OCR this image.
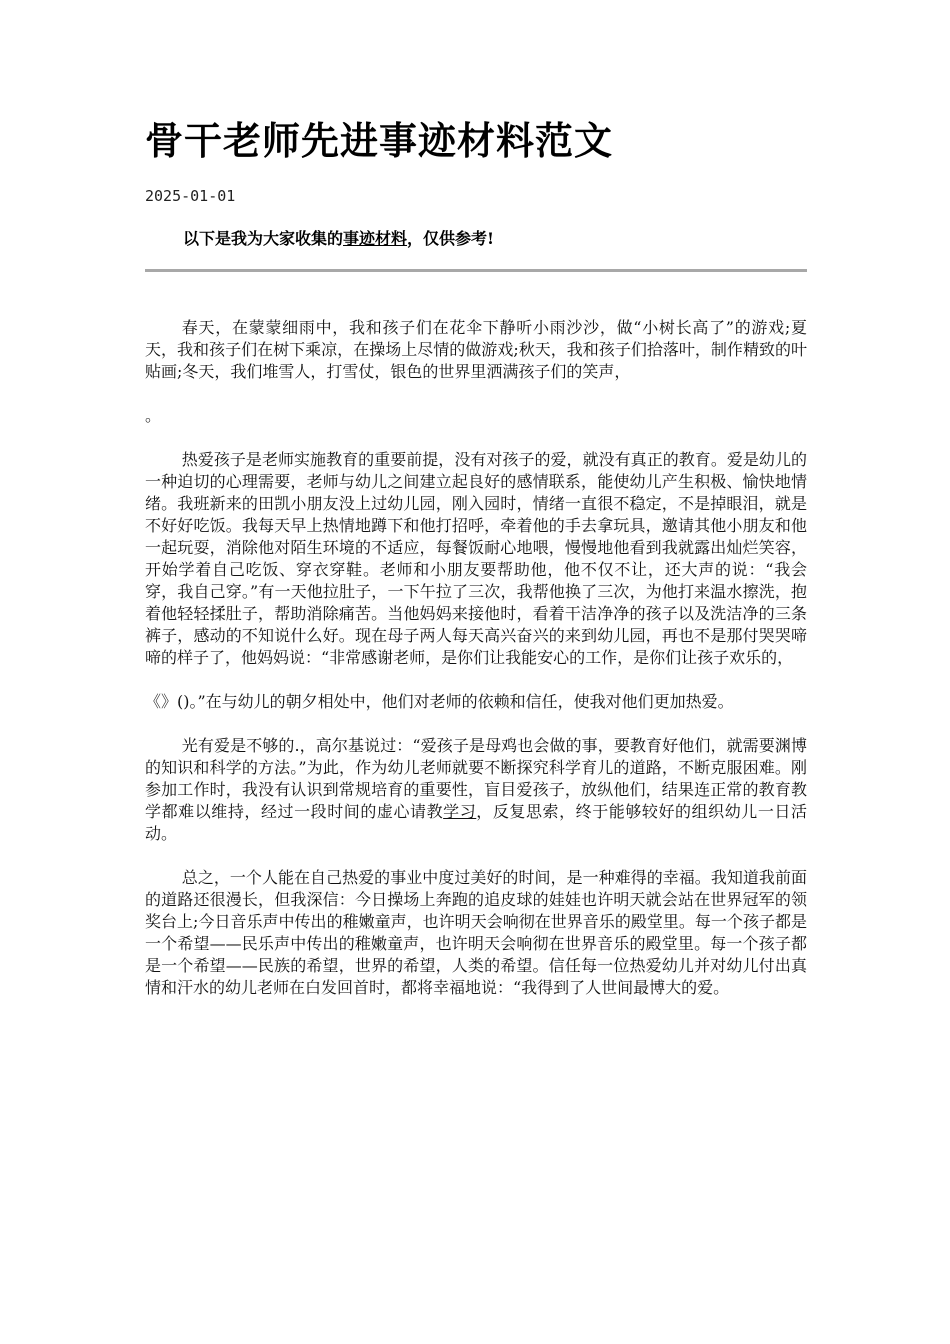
骨干老师先进事迹材料范文
2025-01-01
以下是我为大家收集的事迹材料，仅供参考!

春天，在蒙蒙细雨中，我和孩子们在花伞下静听小雨沙沙，做“小树长高了”的游戏;夏天，我和孩子们在树下乘凉，在操场上尽情的做游戏;秋天，我和孩子们拾落叶，制作精致的叶贴画;冬天，我们堆雪人，打雪仗，银色的世界里洒满孩子们的笑声，

。

热爱孩子是老师实施教育的重要前提，没有对孩子的爱，就没有真正的教育。爱是幼儿的一种迫切的心理需要，老师与幼儿之间建立起良好的感情联系，能使幼儿产生积极、愉快地情绪。我班新来的田凯小朋友没上过幼儿园，刚入园时，情绪一直很不稳定，不是掉眼泪，就是不好好吃饭。我每天早上热情地蹲下和他打招呼，牵着他的手去拿玩具，邀请其他小朋友和他一起玩耍，消除他对陌生环境的不适应，每餐饭耐心地喂，慢慢地他看到我就露出灿烂笑容，开始学着自己吃饭、穿衣穿鞋。老师和小朋友要帮助他，他不仅不让，还大声的说：“我会穿，我自己穿。”有一天他拉肚子，一下午拉了三次，我帮他换了三次，为他打来温水擦洗，抱着他轻轻揉肚子，帮助消除痛苦。当他妈妈来接他时，看着干洁净净的孩子以及洗洁净的三条裤子，感动的不知说什么好。现在母子两人每天高兴奋兴的来到幼儿园，再也不是那付哭哭啼啼的样子了，他妈妈说：“非常感谢老师，是你们让我能安心的工作，是你们让孩子欢乐的，

《》()。”在与幼儿的朝夕相处中，他们对老师的依赖和信任，使我对他们更加热爱。

光有爱是不够的.，高尔基说过：“爱孩子是母鸡也会做的事，要教育好他们，就需要渊博的知识和科学的方法。”为此，作为幼儿老师就要不断探究科学育儿的道路，不断克服困难。刚参加工作时，我没有认识到常规培育的重要性，盲目爱孩子，放纵他们，结果连正常的教育教学都难以维持，经过一段时间的虚心请教学习，反复思索，终于能够较好的组织幼儿一日活动。

总之，一个人能在自己热爱的事业中度过美好的时间，是一种难得的幸福。我知道我前面的道路还很漫长，但我深信：今日操场上奔跑的追皮球的娃娃也许明天就会站在世界冠军的领奖台上;今日音乐声中传出的稚嫩童声，也许明天会响彻在世界音乐的殿堂里。每一个孩子都是一个希望——民乐声中传出的稚嫩童声，也许明天会响彻在世界音乐的殿堂里。每一个孩子都是一个希望——民族的希望，世界的希望，人类的希望。信任每一位热爱幼儿并对幼儿付出真情和汗水的幼儿老师在白发回首时，都将幸福地说：“我得到了人世间最博大的爱。
